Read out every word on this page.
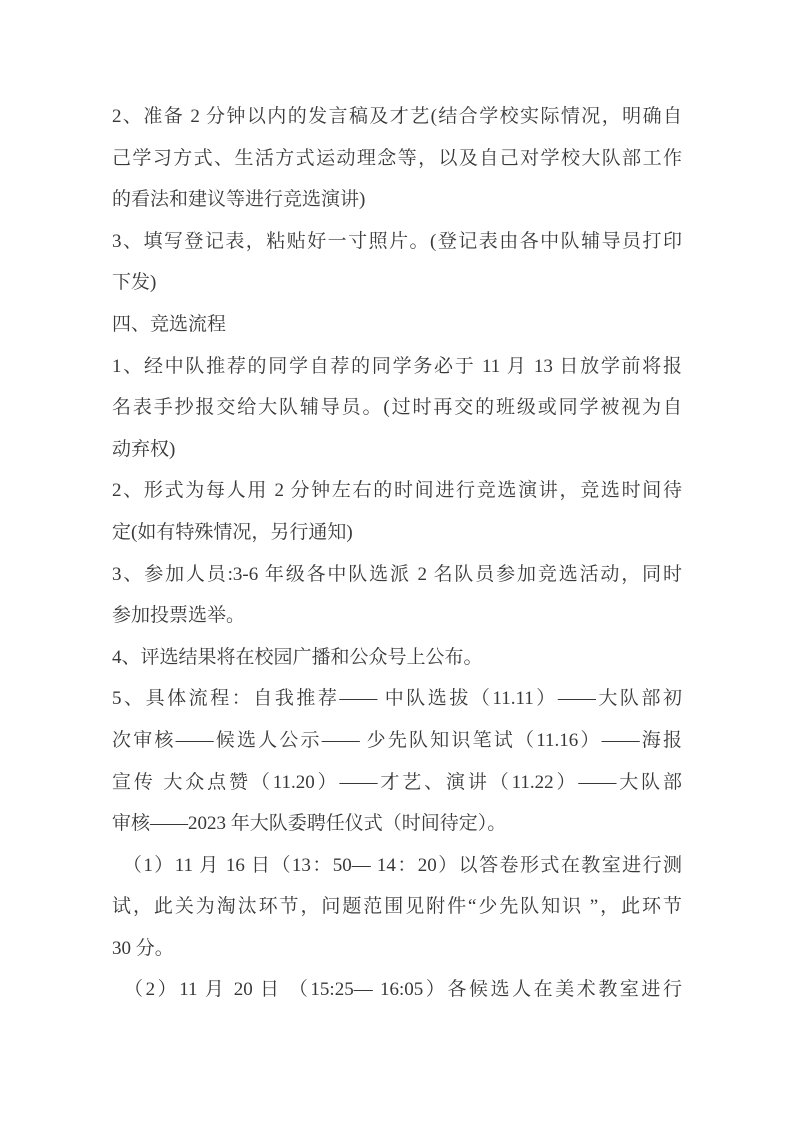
2、准备 2 分钟以内的发言稿及才艺(结合学校实际情况，明确自
己学习方式、生活方式运动理念等，以及自己对学校大队部工作
的看法和建议等进行竞选演讲)
3、填写登记表，粘贴好一寸照片。(登记表由各中队辅导员打印
下发)
四、竞选流程
1、经中队推荐的同学自荐的同学务必于 11 月 13 日放学前将报
名表手抄报交给大队辅导员。(过时再交的班级或同学被视为自
动弃权)
2、形式为每人用 2 分钟左右的时间进行竞选演讲，竞选时间待
定(如有特殊情况，另行通知)
3、参加人员:3-6 年级各中队选派 2 名队员参加竞选活动，同时
参加投票选举。
4、评选结果将在校园广播和公众号上公布。
5、具体流程：自我推荐—— 中队选拔（11.11）——大队部初
次审核——候选人公示—— 少先队知识笔试（11.16）——海报
宣传 大众点赞（11.20）——才艺、演讲（11.22）——大队部
审核——2023 年大队委聘任仪式（时间待定）。
 （1）11 月 16 日（13：50— 14：20）以答卷形式在教室进行测
试，此关为淘汰环节，问题范围见附件“少先队知识 ”，此环节
30 分。
 （2）11 月 20 日 （15:25— 16:05）各候选人在美术教室进行
